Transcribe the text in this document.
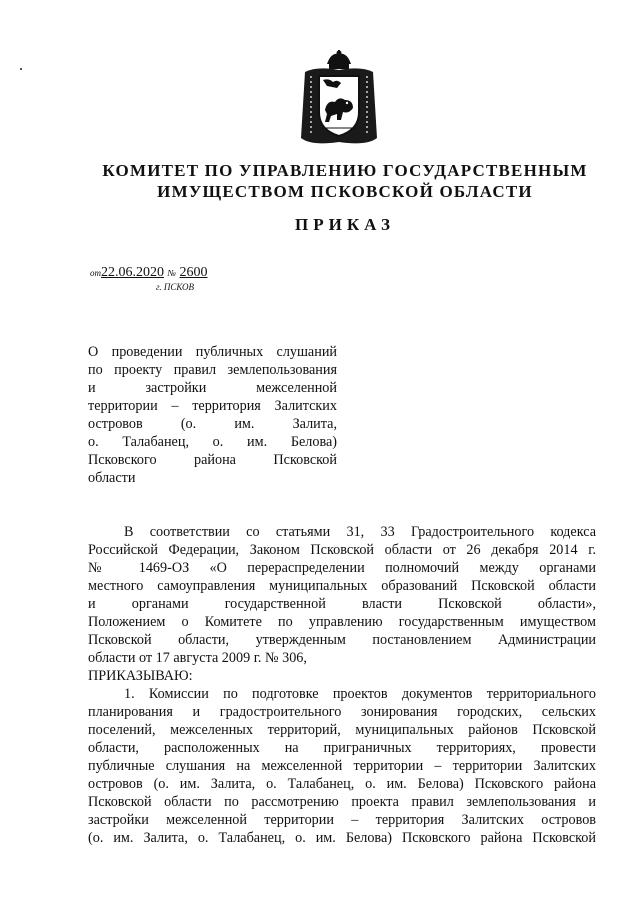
КОМИТЕТ ПО УПРАВЛЕНИЮ ГОСУДАРСТВЕННЫМ
ИМУЩЕСТВОМ ПСКОВСКОЙ ОБЛАСТИ
ПРИКАЗ
от22.06.2020 № 2600
г. ПСКОВ
О проведении публичных слушаний
по проекту правил землепользования
и застройки межселенной
территории – территория Залитских
островов (о. им. Залита,
о. Талабанец, о. им. Белова)
Псковского района Псковской
области
В соответствии со статьями 31, 33 Градостроительного кодекса
Российской Федерации, Законом Псковской области от 26 декабря 2014 г.
№ 1469-ОЗ «О перераспределении полномочий между органами
местного самоуправления муниципальных образований Псковской области
и органами государственной власти Псковской области»,
Положением о Комитете по управлению государственным имуществом
Псковской области, утвержденным постановлением Администрации
области от 17 августа 2009 г. № 306,
ПРИКАЗЫВАЮ:
1. Комиссии по подготовке проектов документов территориального
планирования и градостроительного зонирования городских, сельских
поселений, межселенных территорий, муниципальных районов Псковской
области, расположенных на приграничных территориях, провести
публичные слушания на межселенной территории – территории Залитских
островов (о. им. Залита, о. Талабанец, о. им. Белова) Псковского района
Псковской области по рассмотрению проекта правил землепользования и
застройки межселенной территории – территория Залитских островов
(о. им. Залита, о. Талабанец, о. им. Белова) Псковского района Псковской
